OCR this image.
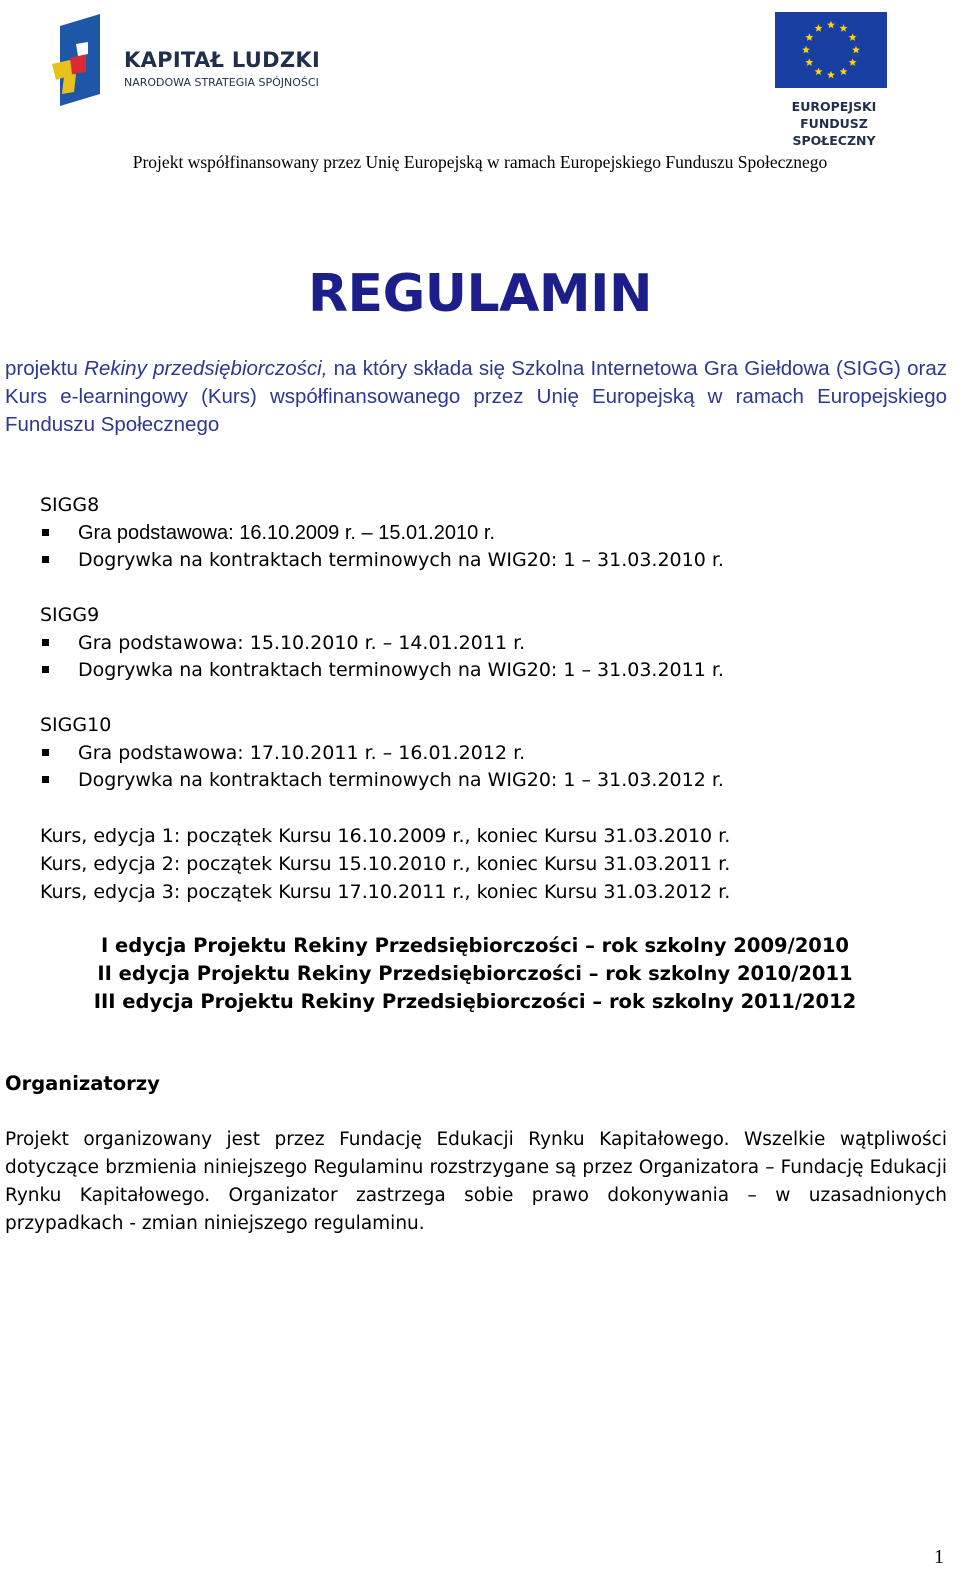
KAPITAŁ LUDZKI
NARODOWA STRATEGIA SPÓJNOŚCI
EUROPEJSKI FUNDUSZ
SPOŁECZNY
Projekt współfinansowany przez Unię Europejską w ramach Europejskiego Funduszu Społecznego
REGULAMIN
projektu Rekiny przedsiębiorczości, na który składa się Szkolna Internetowa Gra Giełdowa (SIGG) oraz Kurs e-learningowy (Kurs) współfinansowanego przez Unię Europejską w ramach Europejskiego Funduszu Społecznego
SIGG8
Gra podstawowa: 16.10.2009 r. – 15.01.2010 r.
Dogrywka na kontraktach terminowych na WIG20: 1 – 31.03.2010 r.
SIGG9
Gra podstawowa: 15.10.2010 r. – 14.01.2011 r.
Dogrywka na kontraktach terminowych na WIG20: 1 – 31.03.2011 r.
SIGG10
Gra podstawowa: 17.10.2011 r. – 16.01.2012 r.
Dogrywka na kontraktach terminowych na WIG20: 1 – 31.03.2012 r.
Kurs, edycja 1: początek Kursu 16.10.2009 r., koniec Kursu 31.03.2010 r.
Kurs, edycja 2: początek Kursu 15.10.2010 r., koniec Kursu 31.03.2011 r.
Kurs, edycja 3: początek Kursu 17.10.2011 r., koniec Kursu 31.03.2012 r.
I edycja Projektu Rekiny Przedsiębiorczości – rok szkolny 2009/2010
II edycja Projektu Rekiny Przedsiębiorczości – rok szkolny 2010/2011
III edycja Projektu Rekiny Przedsiębiorczości – rok szkolny 2011/2012
Organizatorzy
Projekt organizowany jest przez Fundację Edukacji Rynku Kapitałowego. Wszelkie wątpliwości dotyczące brzmienia niniejszego Regulaminu rozstrzygane są przez Organizatora – Fundację Edukacji Rynku Kapitałowego. Organizator zastrzega sobie prawo dokonywania – w uzasadnionych przypadkach - zmian niniejszego regulaminu.
1
